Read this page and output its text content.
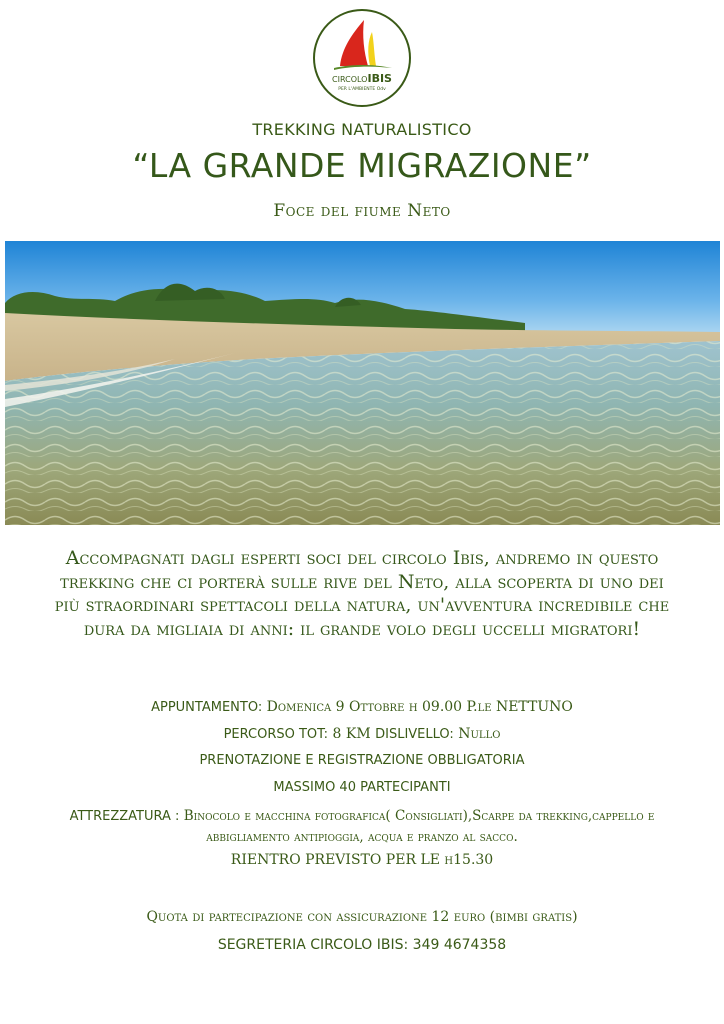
CIRCOLOIBIS
PER L'AMBIENTE Odv
TREKKING NATURALISTICO
“LA GRANDE MIGRAZIONE”
Foce del fiume Neto
Accompagnati dagli esperti soci del circolo Ibis, andremo in questo trekking che ci porterà sulle rive del Neto, alla scoperta di uno dei più straordinari spettacoli della natura, un'avventura incredibile che dura da migliaia di anni: il grande volo degli uccelli migratori!
APPUNTAMENTO: Domenica 9 Ottobre h 09.00 P.le NETTUNO
PERCORSO TOT: 8 KM DISLIVELLO: Nullo
PRENOTAZIONE E REGISTRAZIONE OBBLIGATORIA
MASSIMO 40 PARTECIPANTI
ATTREZZATURA : Binocolo e macchina fotografica( Consigliati),Scarpe da trekking,cappello e abbigliamento antipioggia, acqua e pranzo al sacco.
RIENTRO PREVISTO PER LE h15.30
Quota di partecipazione con assicurazione 12 euro (bimbi gratis)
SEGRETERIA CIRCOLO IBIS: 349 4674358
